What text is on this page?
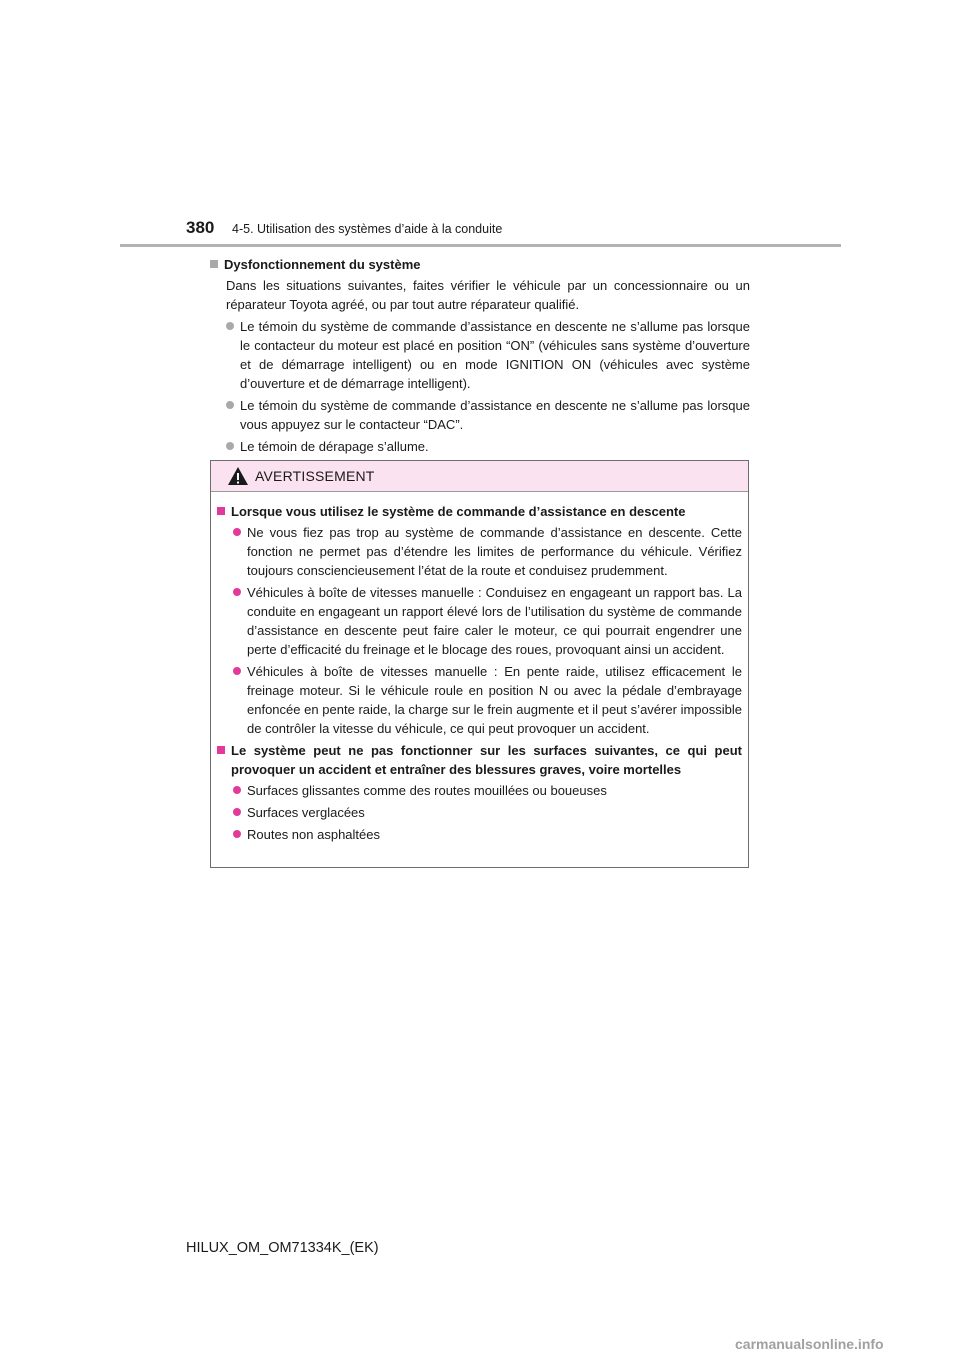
380 4-5. Utilisation des systèmes d’aide à la conduite
Dysfonctionnement du système
Dans les situations suivantes, faites vérifier le véhicule par un concessionnaire ou un réparateur Toyota agréé, ou par tout autre réparateur qualifié.
Le témoin du système de commande d’assistance en descente ne s’allume pas lorsque le contacteur du moteur est placé en position “ON” (véhicules sans système d’ouverture et de démarrage intelligent) ou en mode IGNITION ON (véhicules avec système d’ouverture et de démarrage intelligent).
Le témoin du système de commande d’assistance en descente ne s’allume pas lorsque vous appuyez sur le contacteur “DAC”.
Le témoin de dérapage s’allume.
AVERTISSEMENT
Lorsque vous utilisez le système de commande d’assistance en descente
Ne vous fiez pas trop au système de commande d’assistance en descente. Cette fonction ne permet pas d’étendre les limites de performance du véhicule. Vérifiez toujours consciencieusement l’état de la route et conduisez prudemment.
Véhicules à boîte de vitesses manuelle : Conduisez en engageant un rapport bas. La conduite en engageant un rapport élevé lors de l’utilisation du système de commande d’assistance en descente peut faire caler le moteur, ce qui pourrait engendrer une perte d’efficacité du freinage et le blocage des roues, provoquant ainsi un accident.
Véhicules à boîte de vitesses manuelle : En pente raide, utilisez efficacement le freinage moteur. Si le véhicule roule en position N ou avec la pédale d’embrayage enfoncée en pente raide, la charge sur le frein augmente et il peut s’avérer impossible de contrôler la vitesse du véhicule, ce qui peut provoquer un accident.
Le système peut ne pas fonctionner sur les surfaces suivantes, ce qui peut provoquer un accident et entraîner des blessures graves, voire mortelles
Surfaces glissantes comme des routes mouillées ou boueuses
Surfaces verglacées
Routes non asphaltées
HILUX_OM_OM71334K_(EK)
carmanualsonline.info
